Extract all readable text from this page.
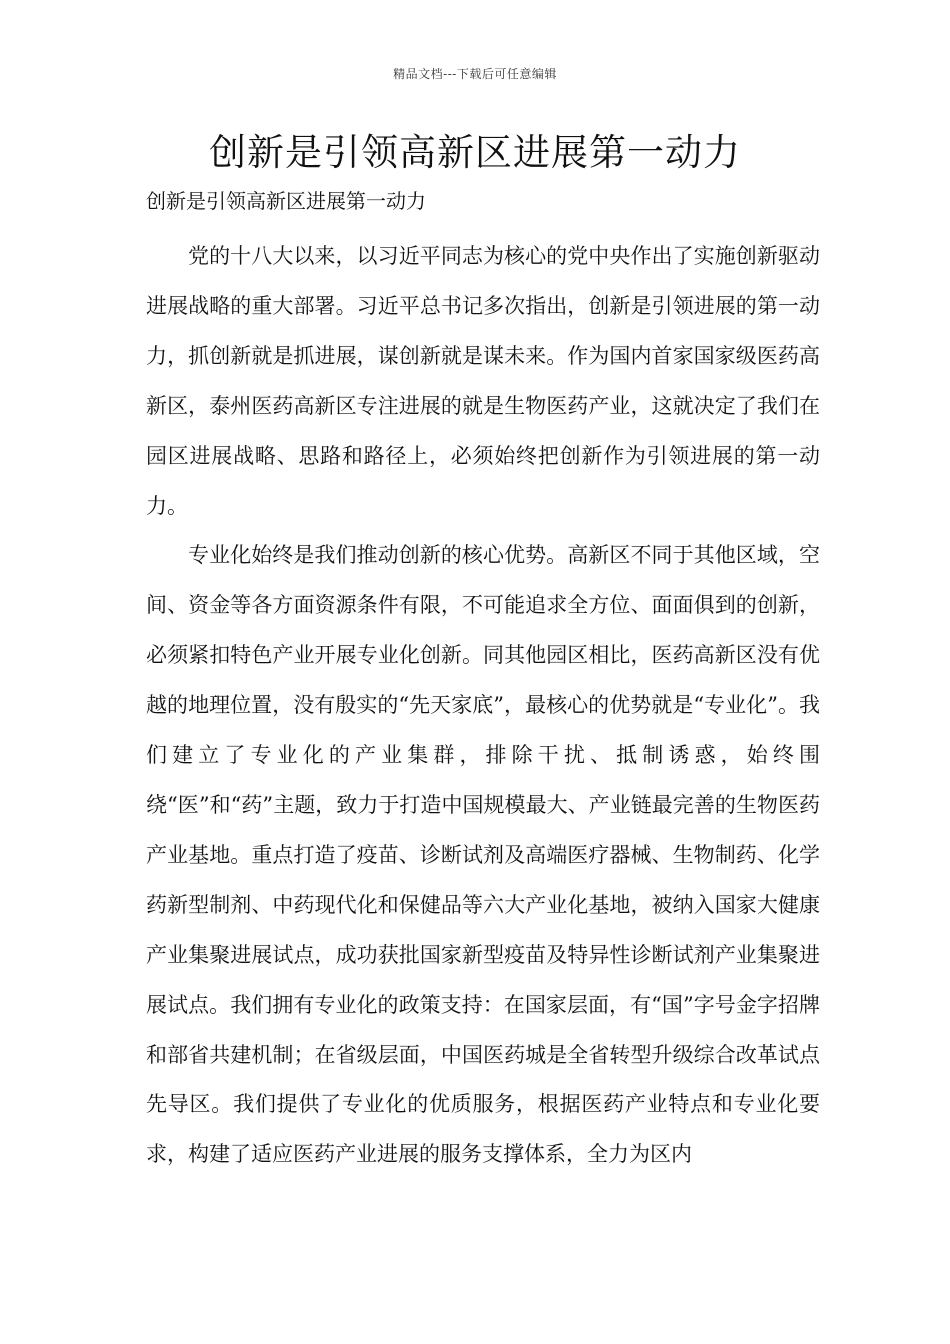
精品文档---下载后可任意编辑
创新是引领高新区进展第一动力
创新是引领高新区进展第一动力

党的十八大以来，以习近平同志为核心的党中央作出了实施创新驱动进展战略的重大部署。习近平总书记多次指出，创新是引领进展的第一动力，抓创新就是抓进展，谋创新就是谋未来。作为国内首家国家级医药高新区，泰州医药高新区专注进展的就是生物医药产业，这就决定了我们在园区进展战略、思路和路径上，必须始终把创新作为引领进展的第一动力。

专业化始终是我们推动创新的核心优势。高新区不同于其他区域，空间、资金等各方面资源条件有限，不可能追求全方位、面面俱到的创新，必须紧扣特色产业开展专业化创新。同其他园区相比，医药高新区没有优越的地理位置，没有殷实的“先天家底”，最核心的优势就是“专业化”。我们建立了专业化的产业集群，排除干扰、抵制诱惑，始终围绕“医”和“药”主题，致力于打造中国规模最大、产业链最完善的生物医药产业基地。重点打造了疫苗、诊断试剂及高端医疗器械、生物制药、化学药新型制剂、中药现代化和保健品等六大产业化基地，被纳入国家大健康产业集聚进展试点，成功获批国家新型疫苗及特异性诊断试剂产业集聚进展试点。我们拥有专业化的政策支持：在国家层面，有“国”字号金字招牌和部省共建机制；在省级层面，中国医药城是全省转型升级综合改革试点先导区。我们提供了专业化的优质服务，根据医药产业特点和专业化要求，构建了适应医药产业进展的服务支撑体系，全力为区内
